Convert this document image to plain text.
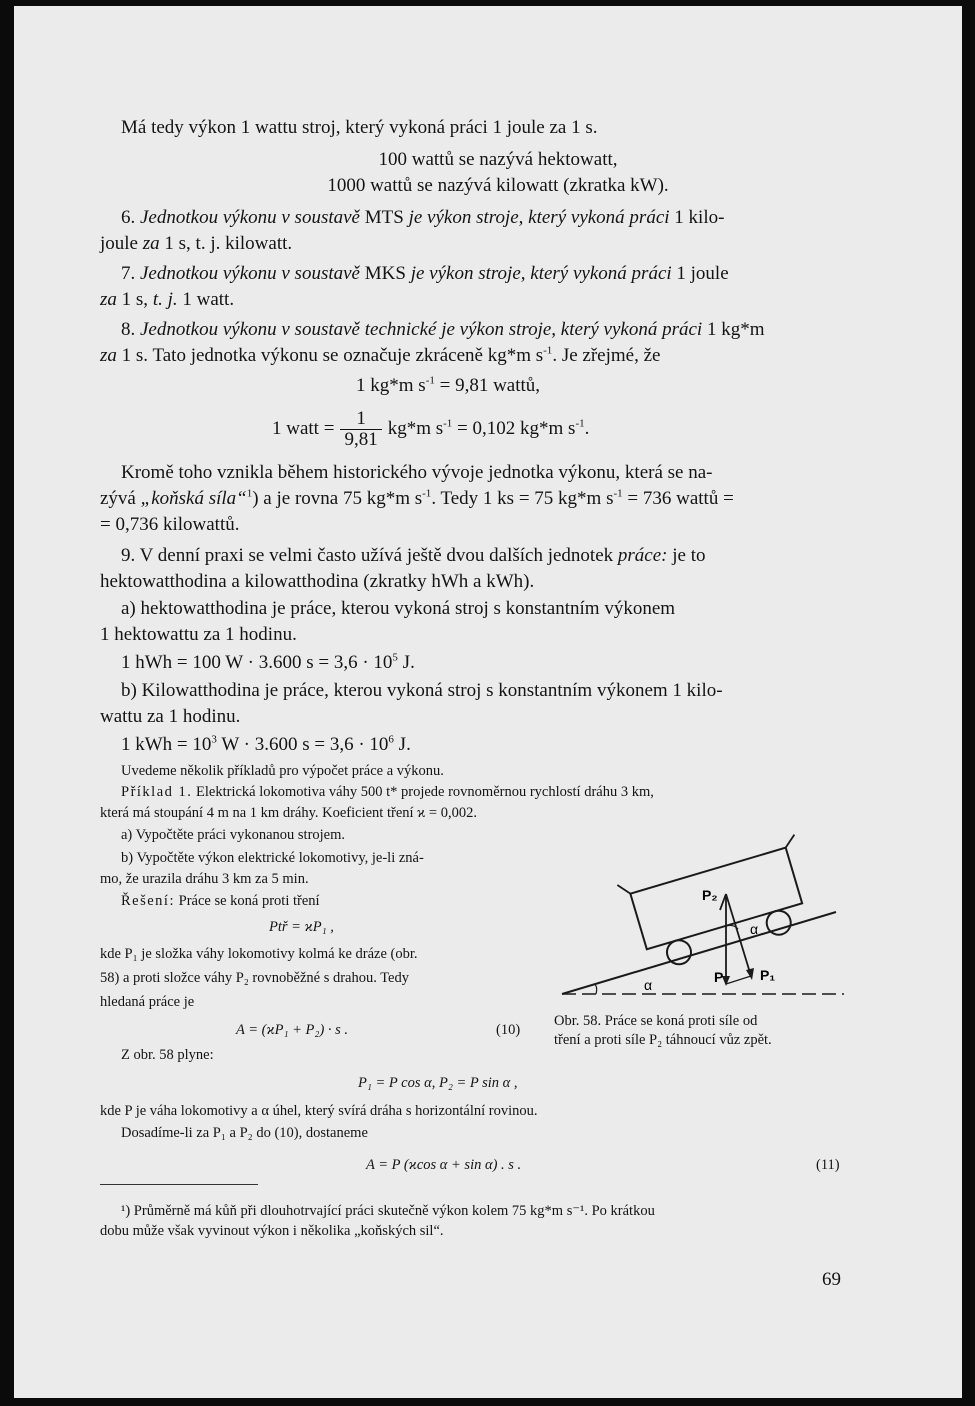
Má tedy výkon 1 wattu stroj, který vykoná práci 1 joule za 1 s.
100 wattů se nazývá hektowatt,
1000 wattů se nazývá kilowatt (zkratka kW).
6. Jednotkou výkonu v soustavě MTS je výkon stroje, který vykoná práci 1 kilo-
joule za 1 s, t. j. kilowatt.
7. Jednotkou výkonu v soustavě MKS je výkon stroje, který vykoná práci 1 joule
za 1 s, t. j. 1 watt.
8. Jednotkou výkonu v soustavě technické je výkon stroje, který vykoná práci 1 kg*m
za 1 s. Tato jednotka výkonu se označuje zkráceně kg*m $s^{-1}$. Je zřejmé, že
1 kg*m $s^{-1} = 9,81$ wattů,
1 watt = $\frac{1}{9,81} kg*m$ $s^{-1} = 0,102$ kg*m $s^{-1}$.
Kromě toho vznikla během historického vývoje jednotka výkonu, která se na-
zývá „koňská síla“$^1$) a je rovna 75 kg*m $s^{-1}$. Tedy 1 ks = 75 kg*m $s^{-1} = 736$ wattů =
= 0,736 kilowattů.
9. V denní praxi se velmi často užívá ještě dvou dalších jednotek práce: je to
hektowatthodina a kilowatthodina (zkratky hWh a kWh).
a) hektowatthodina je práce, kterou vykoná stroj s konstantním výkonem
1 hektowattu za 1 hodinu.
1 hWh = 100 W · 3.600 $s = 3,6 \cdot 10^5$ J.
b) Kilowatthodina je práce, kterou vykoná stroj s konstantním výkonem 1 kilo-
wattu za 1 hodinu.
1 kWh = $10^3$ W · 3.600 $s = 3,6 \cdot 10^6$ J.
Uvedeme několik příkladů pro výpočet práce a výkonu.
Příklad 1. Elektrická lokomotiva váhy 500 t* projede rovnoměrnou rychlostí dráhu 3 km,
která má stoupání 4 m na 1 km dráhy. Koeficient tření ϰ = 0,002.
a) Vypočtěte práci vykonanou strojem.
b) Vypočtěte výkon elektrické lokomotivy, je-li zná-
mo, že urazila dráhu 3 km za 5 min.
Řešení: Práce se koná proti tření
Ptř = ϰP₁ ,
kde P₁ je složka váhy lokomotivy kolmá ke dráze (obr.
58) a proti složce váhy P₂ rovnoběžné s drahou. Tedy
hledaná práce je
A = (ϰP₁ + P₂) · s .	(10)
Z obr. 58 plyne:
P₁ = P cos α, P₂ = P sin α ,
kde P je váha lokomotivy a α úhel, který svírá dráha s horizontální rovinou.
Dosadíme-li za P₁ a P₂ do (10), dostaneme
A = P (ϰcos α + sin α) . s .	(11)
P₂
α
P	P₁
α
Obr. 58. Práce se koná proti síle od
tření a proti síle P₂ táhnoucí vůz zpět.
¹) Průměrně má kůň při dlouhotrvající práci skutečně výkon kolem 75 kg*m s⁻¹. Po krátkou
dobu může však vyvinout výkon i několika „koňských sil“.
69
